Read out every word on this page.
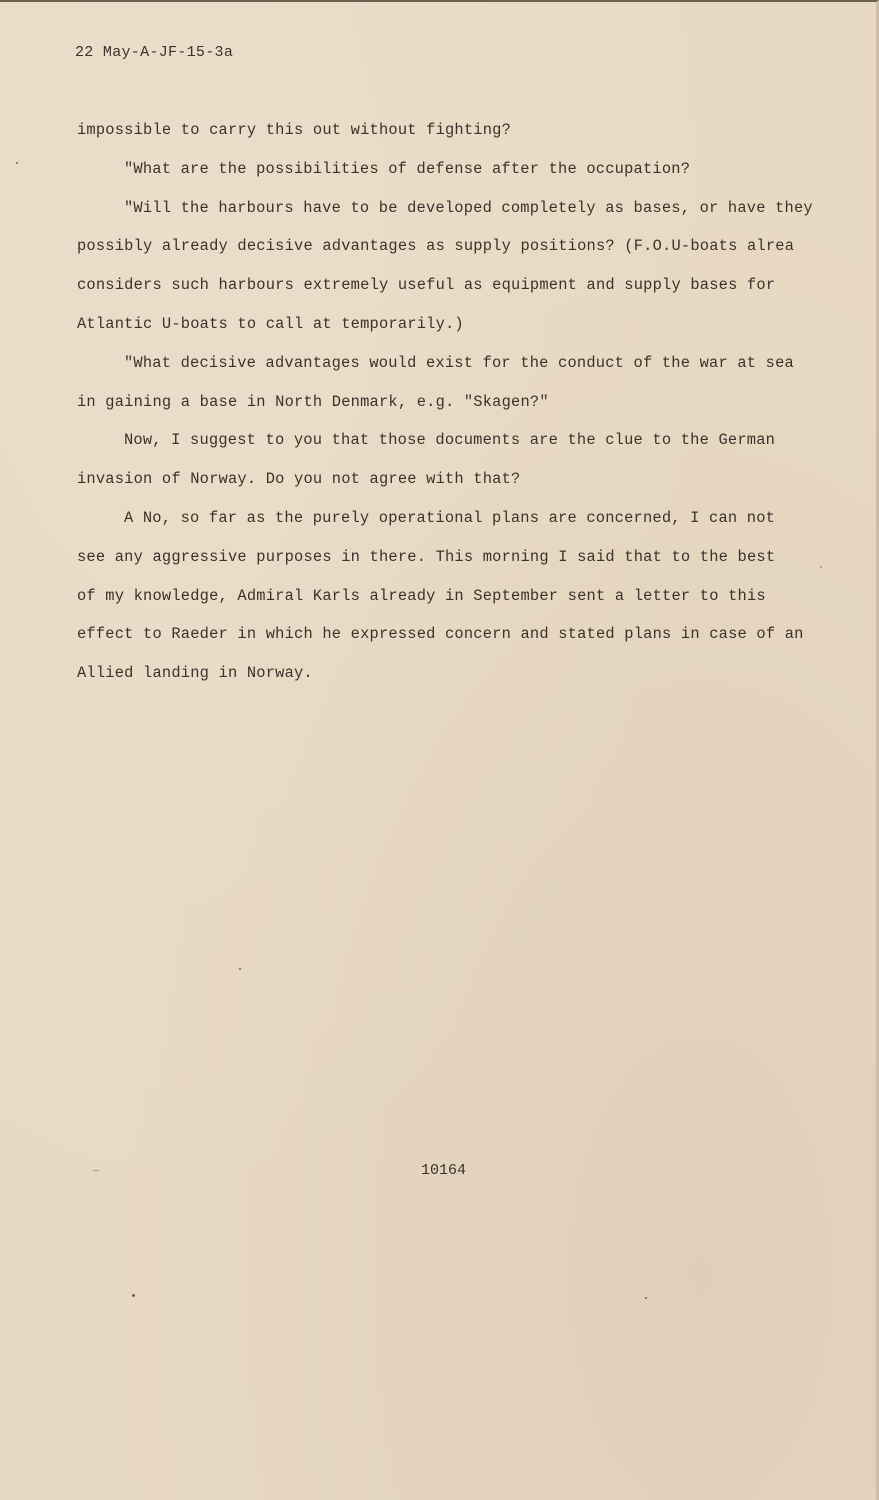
22 May-A-JF-15-3a
impossible to carry this out without fighting?
"What are the possibilities of defense after the occupation?
"Will the harbours have to be developed completely as bases, or have they
possibly already decisive advantages as supply positions? (F.O.U-boats alrea
considers such harbours extremely useful as equipment and supply bases for
Atlantic U-boats to call at temporarily.)
"What decisive advantages would exist for the conduct of the war at sea
in gaining a base in North Denmark, e.g. "Skagen?"
Now, I suggest to you that those documents are the clue to the German
invasion of Norway. Do you not agree with that?
A No, so far as the purely operational plans are concerned, I can not
see any aggressive purposes in there. This morning I said that to the best
of my knowledge, Admiral Karls already in September sent a letter to this
effect to Raeder in which he expressed concern and stated plans in case of an
Allied landing in Norway.
10164
